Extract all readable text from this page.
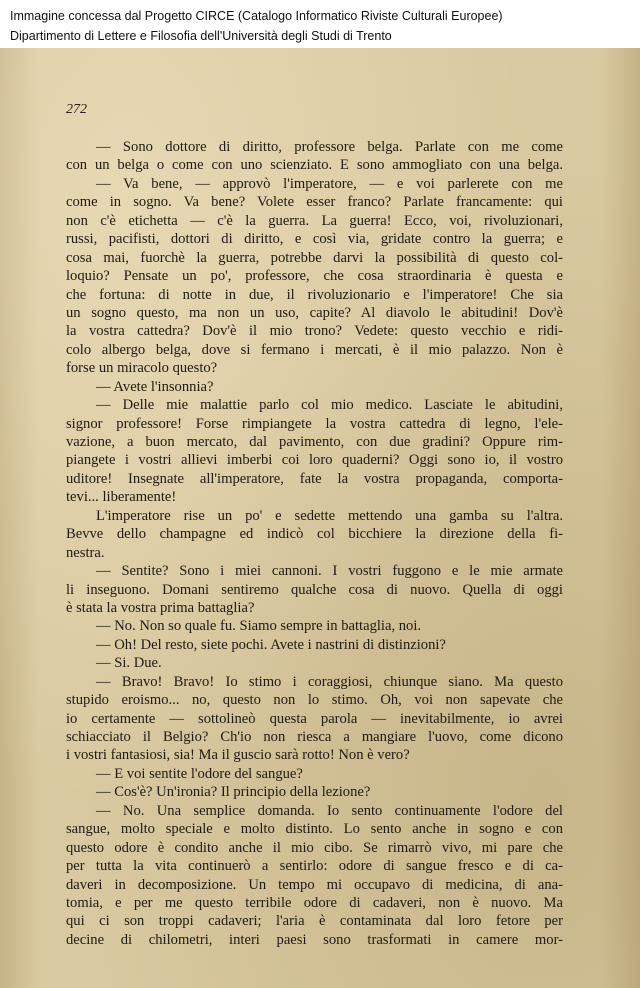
Immagine concessa dal Progetto CIRCE (Catalogo Informatico Riviste Culturali Europee)
Dipartimento di Lettere e Filosofia dell'Università degli Studi di Trento
272
— Sono dottore di diritto, professore belga. Parlate con me come
con un belga o come con uno scienziato. E sono ammogliato con una belga.
— Va bene, — approvò l'imperatore, — e voi parlerete con me
come in sogno. Va bene? Volete esser franco? Parlate francamente: qui
non c'è etichetta — c'è la guerra. La guerra! Ecco, voi, rivoluzionari,
russi, pacifisti, dottori di diritto, e così via, gridate contro la guerra; e
cosa mai, fuorchè la guerra, potrebbe darvi la possibilità di questo col-
loquio? Pensate un po', professore, che cosa straordinaria è questa e
che fortuna: di notte in due, il rivoluzionario e l'imperatore! Che sia
un sogno questo, ma non un uso, capite? Al diavolo le abitudini! Dov'è
la vostra cattedra? Dov'è il mio trono? Vedete: questo vecchio e ridi-
colo albergo belga, dove si fermano i mercati, è il mio palazzo. Non è
forse un miracolo questo?
— Avete l'insonnia?
— Delle mie malattie parlo col mio medico. Lasciate le abitudini,
signor professore! Forse rimpiangete la vostra cattedra di legno, l'ele-
vazione, a buon mercato, dal pavimento, con due gradini? Oppure rim-
piangete i vostri allievi imberbi coi loro quaderni? Oggi sono io, il vostro
uditore! Insegnate all'imperatore, fate la vostra propaganda, comporta-
tevi... liberamente!
L'imperatore rise un po' e sedette mettendo una gamba su l'altra.
Bevve dello champagne ed indicò col bicchiere la direzione della fi-
nestra.
— Sentite? Sono i miei cannoni. I vostri fuggono e le mie armate
li inseguono. Domani sentiremo qualche cosa di nuovo. Quella di oggi
è stata la vostra prima battaglia?
— No. Non so quale fu. Siamo sempre in battaglia, noi.
— Oh! Del resto, siete pochi. Avete i nastrini di distinzioni?
— Si. Due.
— Bravo! Bravo! Io stimo i coraggiosi, chiunque siano. Ma questo
stupido eroismo... no, questo non lo stimo. Oh, voi non sapevate che
io certamente — sottolineò questa parola — inevitabilmente, io avrei
schiacciato il Belgio? Ch'io non riesca a mangiare l'uovo, come dicono
i vostri fantasiosi, sia! Ma il guscio sarà rotto! Non è vero?
— E voi sentite l'odore del sangue?
— Cos'è? Un'ironia? Il principio della lezione?
— No. Una semplice domanda. Io sento continuamente l'odore del
sangue, molto speciale e molto distinto. Lo sento anche in sogno e con
questo odore è condito anche il mio cibo. Se rimarrò vivo, mi pare che
per tutta la vita continuerò a sentirlo: odore di sangue fresco e di ca-
daveri in decomposizione. Un tempo mi occupavo di medicina, di ana-
tomia, e per me questo terribile odore di cadaveri, non è nuovo. Ma
qui ci son troppi cadaveri; l'aria è contaminata dal loro fetore per
decine di chilometri, interi paesi sono trasformati in camere mor-
